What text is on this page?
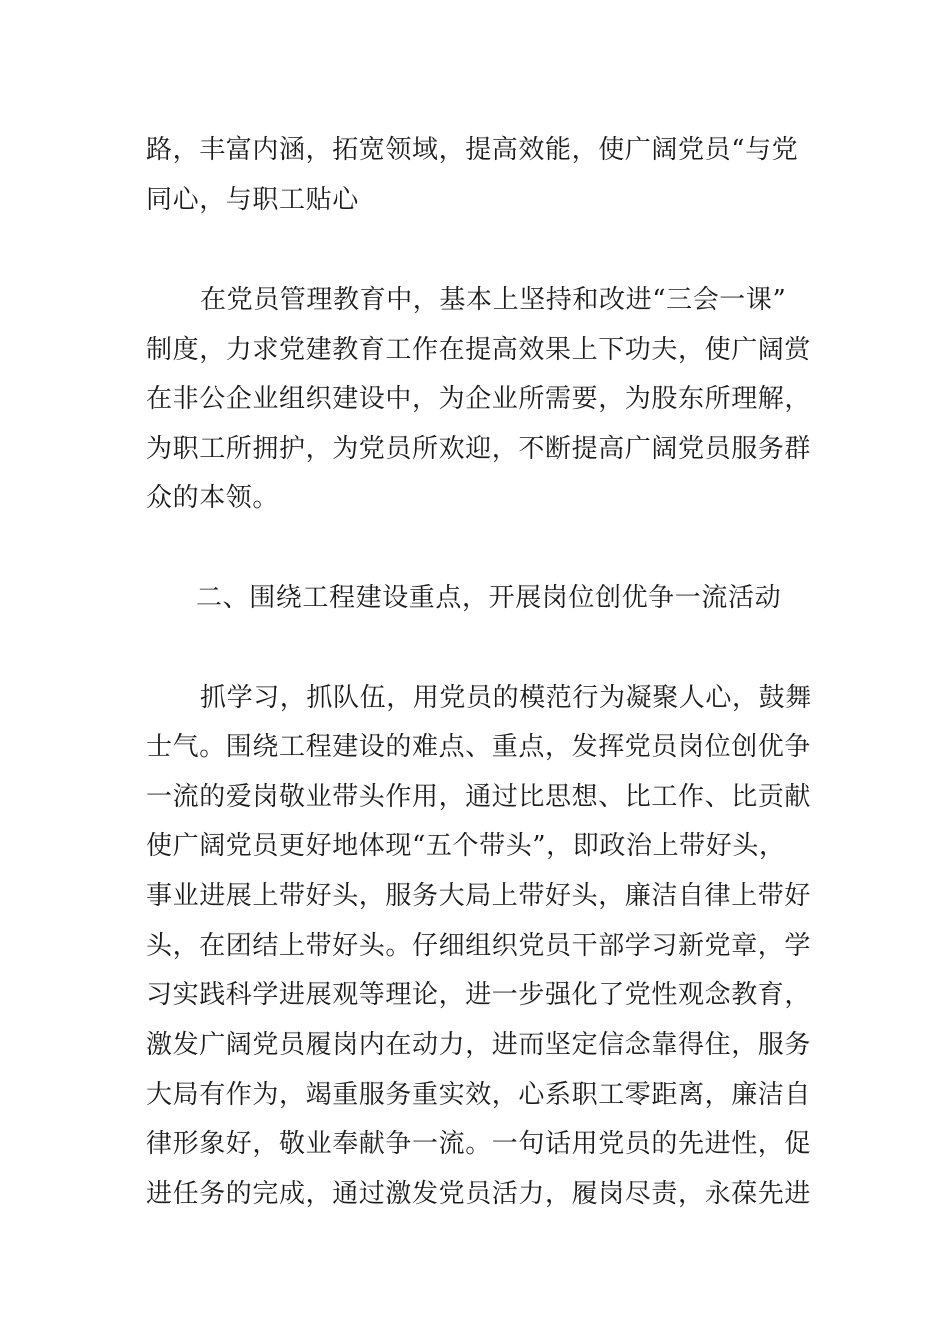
路，丰富内涵，拓宽领域，提高效能，使广阔党员“与党
同心，与职工贴心
在党员管理教育中，基本上坚持和改进“三会一课”
制度，力求党建教育工作在提高效果上下功夫，使广阔赏
在非公企业组织建设中，为企业所需要，为股东所理解，
为职工所拥护，为党员所欢迎，不断提高广阔党员服务群
众的本领。
二、围绕工程建设重点，开展岗位创优争一流活动
抓学习，抓队伍，用党员的模范行为凝聚人心，鼓舞
士气。围绕工程建设的难点、重点，发挥党员岗位创优争
一流的爱岗敬业带头作用，通过比思想、比工作、比贡献
使广阔党员更好地体现“五个带头”，即政治上带好头，
事业进展上带好头，服务大局上带好头，廉洁自律上带好
头，在团结上带好头。仔细组织党员干部学习新党章，学
习实践科学进展观等理论，进一步强化了党性观念教育，
激发广阔党员履岗内在动力，进而坚定信念靠得住，服务
大局有作为，竭重服务重实效，心系职工零距离，廉洁自
律形象好，敬业奉献争一流。一句话用党员的先进性，促
进任务的完成，通过激发党员活力，履岗尽责，永葆先进
